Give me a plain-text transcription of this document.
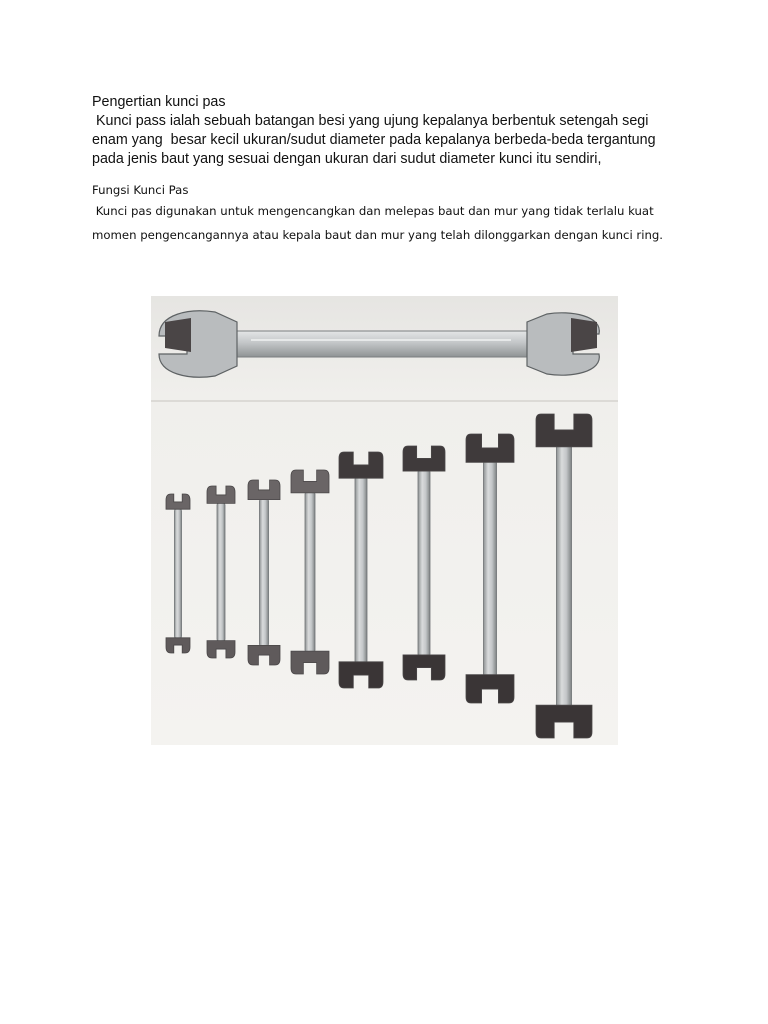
Pengertian kunci pas
Kunci pass ialah sebuah batangan besi yang ujung kepalanya berbentuk setengah segi
enam yang  besar kecil ukuran/sudut diameter pada kepalanya berbeda-beda tergantung
pada jenis baut yang sesuai dengan ukuran dari sudut diameter kunci itu sendiri,
Fungsi Kunci Pas
Kunci pas digunakan untuk mengencangkan dan melepas baut dan mur yang tidak terlalu kuat
momen pengencangannya atau kepala baut dan mur yang telah dilonggarkan dengan kunci ring.
